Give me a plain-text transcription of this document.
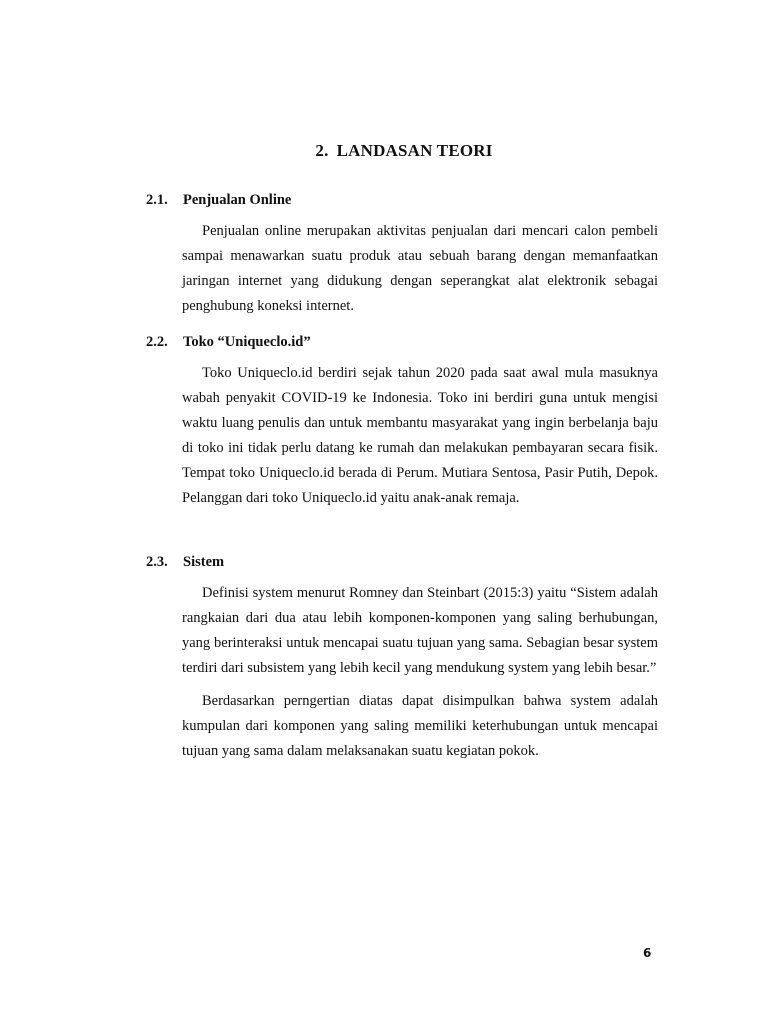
2. LANDASAN TEORI
2.1. Penjualan Online

Penjualan online merupakan aktivitas penjualan dari mencari calon pembeli sampai menawarkan suatu produk atau sebuah barang dengan memanfaatkan jaringan internet yang didukung dengan seperangkat alat elektronik sebagai penghubung koneksi internet.

2.2. Toko “Uniqueclo.id”

Toko Uniqueclo.id berdiri sejak tahun 2020 pada saat awal mula masuknya wabah penyakit COVID-19 ke Indonesia. Toko ini berdiri guna untuk mengisi waktu luang penulis dan untuk membantu masyarakat yang ingin berbelanja baju di toko ini tidak perlu datang ke rumah dan melakukan pembayaran secara fisik. Tempat toko Uniqueclo.id berada di Perum. Mutiara Sentosa, Pasir Putih, Depok. Pelanggan dari toko Uniqueclo.id yaitu anak-anak remaja.

2.3. Sistem

Definisi system menurut Romney dan Steinbart (2015:3) yaitu “Sistem adalah rangkaian dari dua atau lebih komponen-komponen yang saling berhubungan, yang berinteraksi untuk mencapai suatu tujuan yang sama. Sebagian besar system terdiri dari subsistem yang lebih kecil yang mendukung system yang lebih besar.”

Berdasarkan perngertian diatas dapat disimpulkan bahwa system adalah kumpulan dari komponen yang saling memiliki keterhubungan untuk mencapai tujuan yang sama dalam melaksanakan suatu kegiatan pokok.

6
